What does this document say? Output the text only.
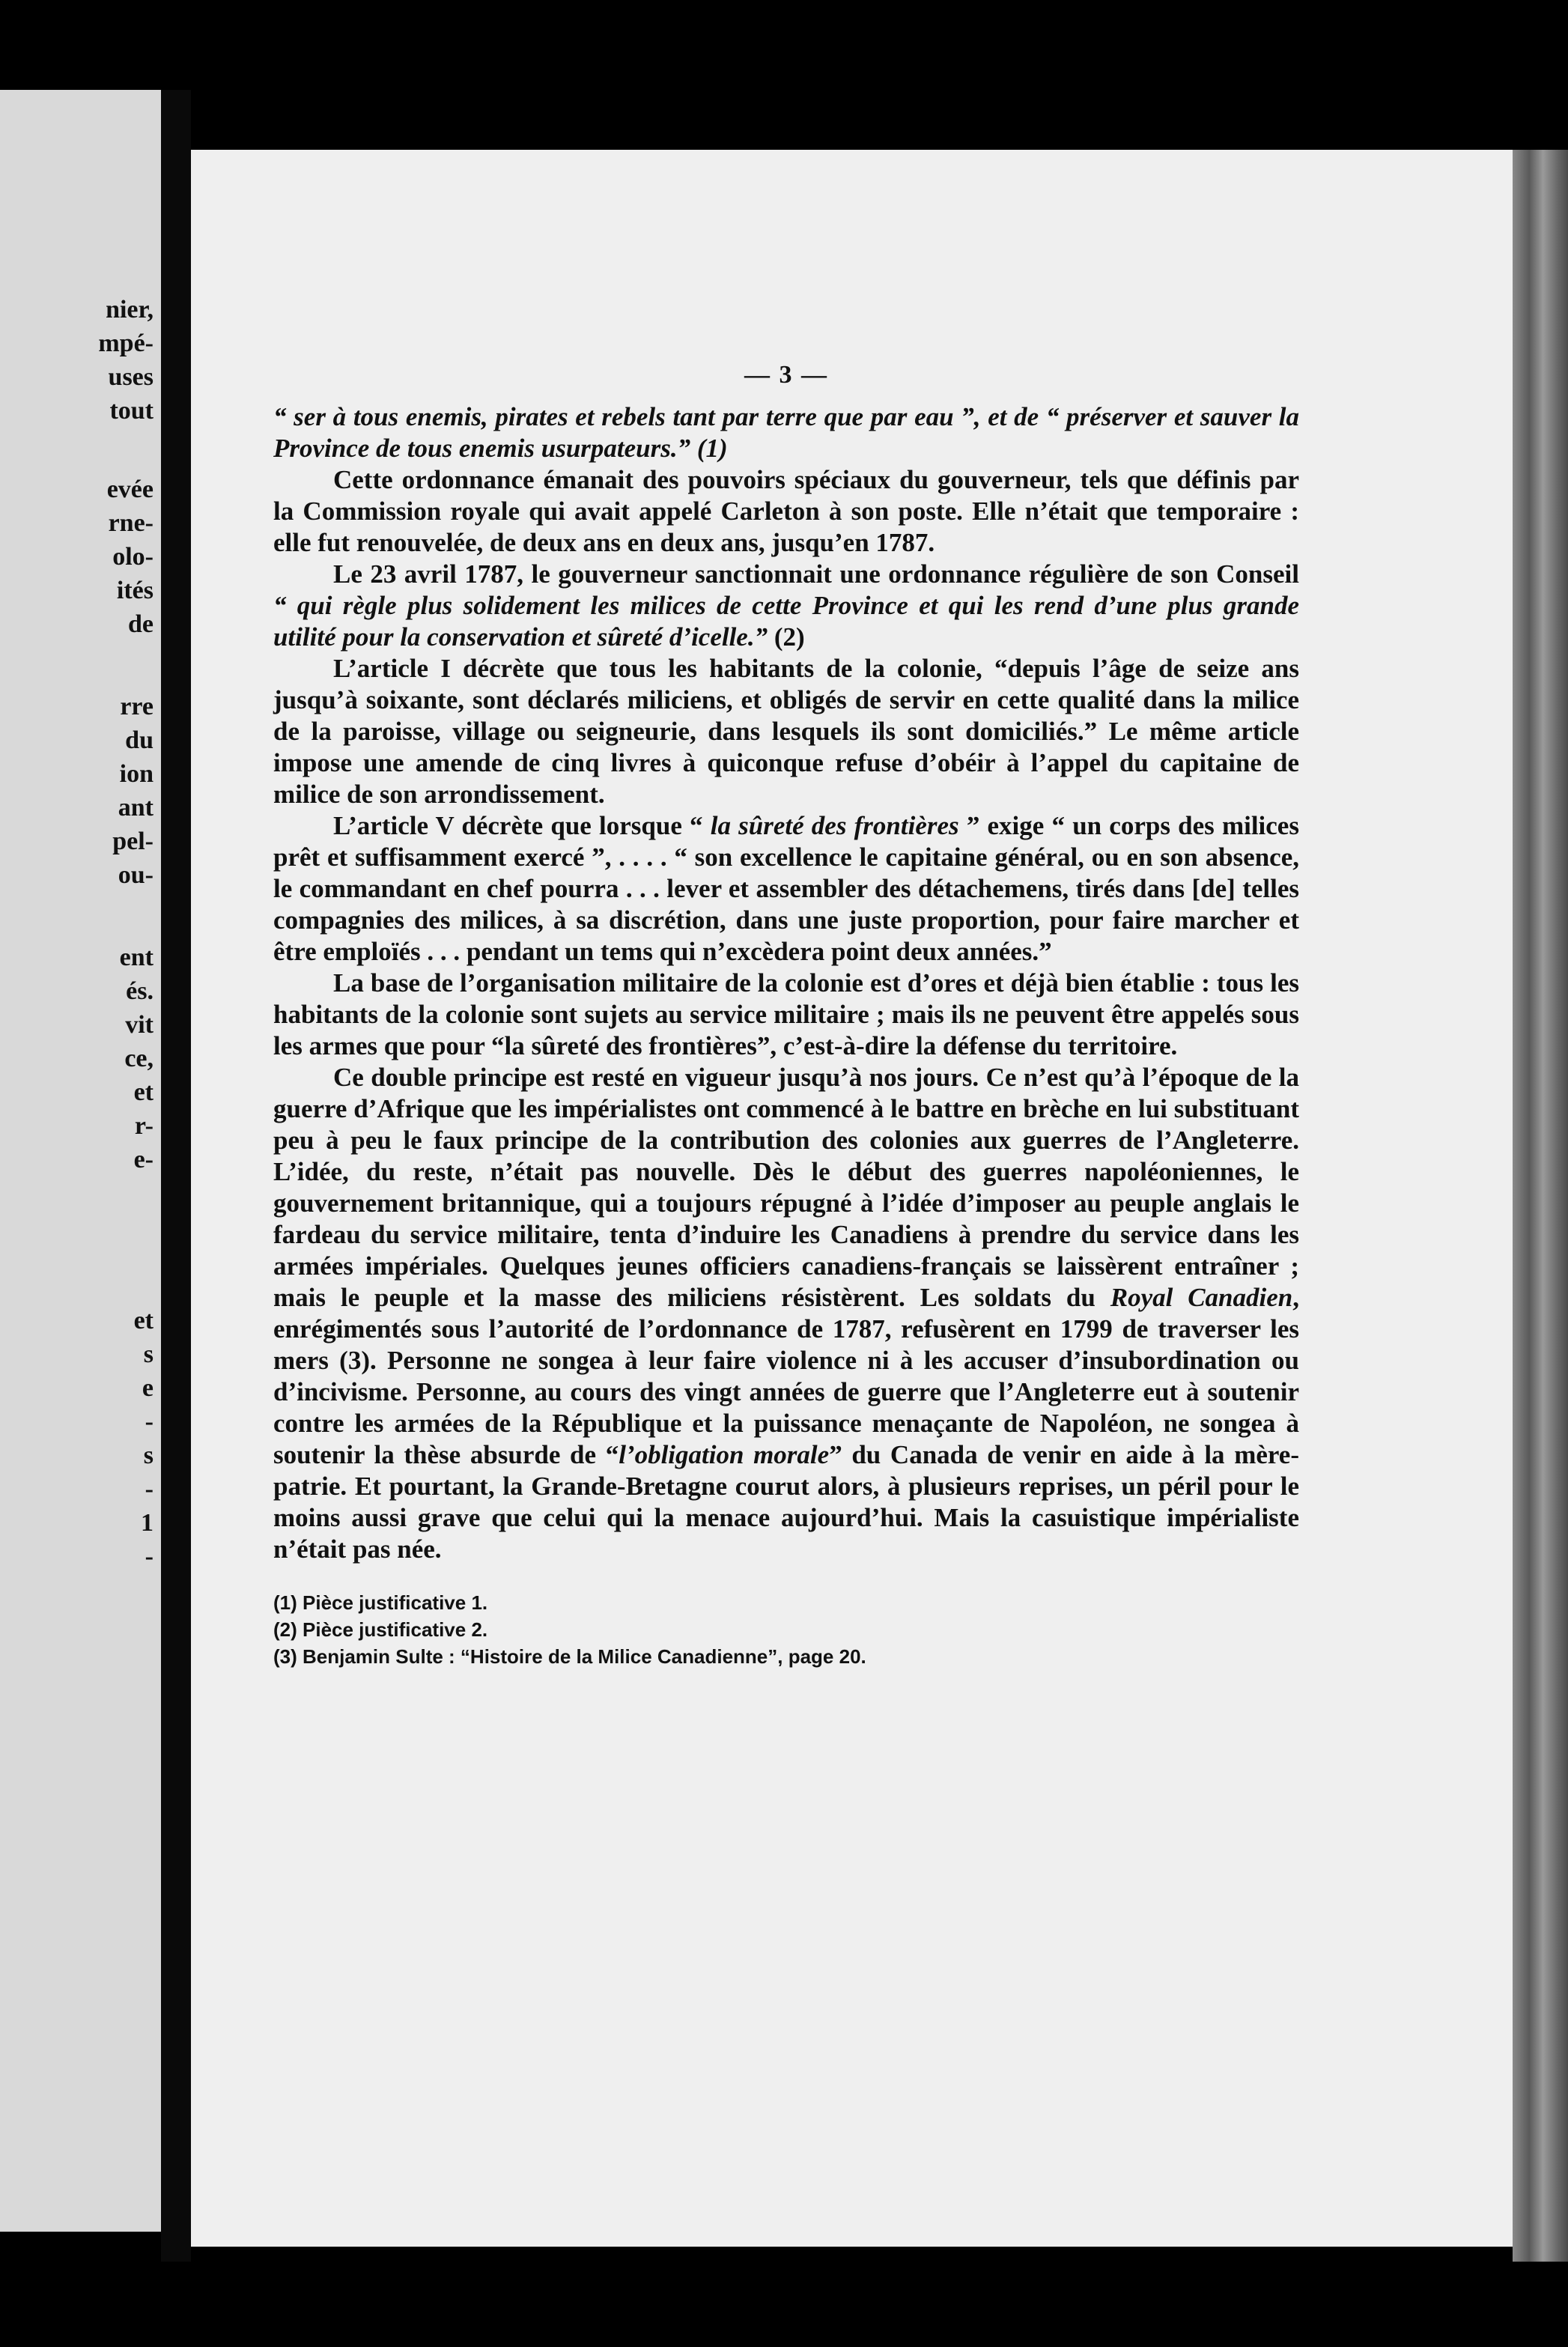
nier,
mpé-
uses
tout
evée
rne-
olo-
ités
de
rre
du
ion
ant
pel-
ou-
ent
és.
vit
ce,
et
r-
e-
et
s
e
-
s
-
1
-

— 3 —

“ ser à tous enemis, pirates et rebels tant par terre que par eau ”, et de “ préserver et sauver la Province de tous enemis usurpateurs.” (1)

Cette ordonnance émanait des pouvoirs spéciaux du gouverneur, tels que définis par la Commission royale qui avait appelé Carleton à son poste. Elle n’était que temporaire : elle fut renouvelée, de deux ans en deux ans, jusqu’en 1787.

Le 23 avril 1787, le gouverneur sanctionnait une ordonnance régulière de son Conseil “ qui règle plus solidement les milices de cette Province et qui les rend d’une plus grande utilité pour la conservation et sûreté d’icelle.” (2)

L’article I décrète que tous les habitants de la colonie, “depuis l’âge de seize ans jusqu’à soixante, sont déclarés miliciens, et obligés de servir en cette qualité dans la milice de la paroisse, village ou seigneurie, dans lesquels ils sont domiciliés.” Le même article impose une amende de cinq livres à quiconque refuse d’obéir à l’appel du capitaine de milice de son arrondissement.

L’article V décrète que lorsque “ la sûreté des frontières ” exige “ un corps des milices prêt et suffisamment exercé ”, . . . . “ son excellence le capitaine général, ou en son absence, le commandant en chef pourra . . . lever et assembler des détachemens, tirés dans [de] telles compagnies des milices, à sa discrétion, dans une juste proportion, pour faire marcher et être emploïés . . . pendant un tems qui n’excèdera point deux années.”

La base de l’organisation militaire de la colonie est d’ores et déjà bien établie : tous les habitants de la colonie sont sujets au service militaire ; mais ils ne peuvent être appelés sous les armes que pour “la sûreté des frontières”, c’est-à-dire la défense du territoire.

Ce double principe est resté en vigueur jusqu’à nos jours. Ce n’est qu’à l’époque de la guerre d’Afrique que les impérialistes ont commencé à le battre en brèche en lui substituant peu à peu le faux principe de la contribution des colonies aux guerres de l’Angleterre. L’idée, du reste, n’était pas nouvelle. Dès le début des guerres napoléoniennes, le gouvernement britannique, qui a toujours répugné à l’idée d’imposer au peuple anglais le fardeau du service militaire, tenta d’induire les Canadiens à prendre du service dans les armées impériales. Quelques jeunes officiers canadiens-français se laissèrent entraîner ; mais le peuple et la masse des miliciens résistèrent. Les soldats du Royal Canadien, enrégimentés sous l’autorité de l’ordonnance de 1787, refusèrent en 1799 de traverser les mers (3). Personne ne songea à leur faire violence ni à les accuser d’insubordination ou d’incivisme. Personne, au cours des vingt années de guerre que l’Angleterre eut à soutenir contre les armées de la République et la puissance menaçante de Napoléon, ne songea à soutenir la thèse absurde de “l’obligation morale” du Canada de venir en aide à la mère-patrie. Et pourtant, la Grande-Bretagne courut alors, à plusieurs reprises, un péril pour le moins aussi grave que celui qui la menace aujourd’hui. Mais la casuistique impérialiste n’était pas née.

(1) Pièce justificative 1.

(2) Pièce justificative 2.

(3) Benjamin Sulte : “Histoire de la Milice Canadienne”, page 20.
